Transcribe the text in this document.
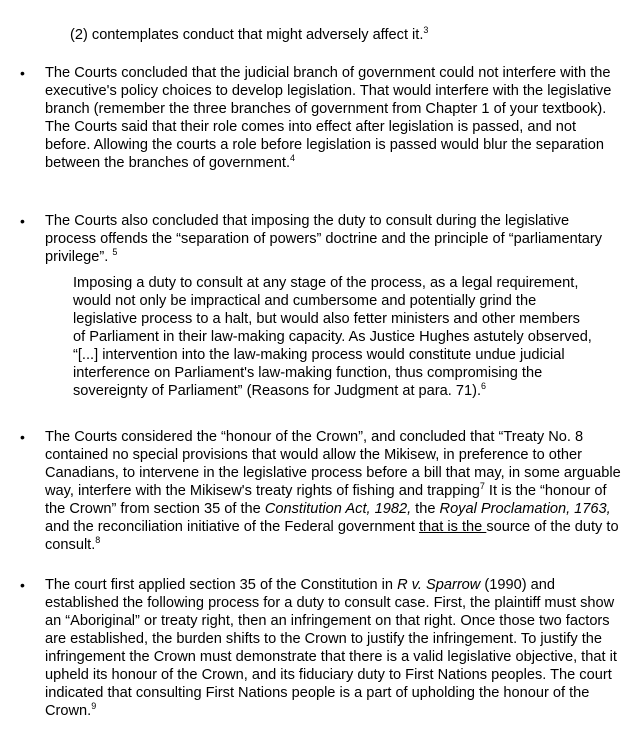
(2) contemplates conduct that might adversely affect it.$^3$

• The Courts concluded that the judicial branch of government could not interfere with the executive's policy choices to develop legislation. That would interfere with the legislative branch (remember the three branches of government from Chapter 1 of your textbook). The Courts said that their role comes into effect after legislation is passed, and not before. Allowing the courts a role before legislation is passed would blur the separation between the branches of government.$^4$

• The Courts also concluded that imposing the duty to consult during the legislative process offends the “separation of powers” doctrine and the principle of “parliamentary privilege”. $^5$

Imposing a duty to consult at any stage of the process, as a legal requirement, would not only be impractical and cumbersome and potentially grind the legislative process to a halt, but would also fetter ministers and other members of Parliament in their law-making capacity. As Justice Hughes astutely observed, “[...] intervention into the law-making process would constitute undue judicial interference on Parliament's law-making function, thus compromising the sovereignty of Parliament” (Reasons for Judgment at para. 71).$^6$

• The Courts considered the “honour of the Crown”, and concluded that “Treaty No. 8 contained no special provisions that would allow the Mikisew, in preference to other Canadians, to intervene in the legislative process before a bill that may, in some arguable way, interfere with the Mikisew's treaty rights of fishing and trapping$^7$ It is the “honour of the Crown” from section 35 of the Constitution Act, 1982, the Royal Proclamation, 1763, and the reconciliation initiative of the Federal government that is the source of the duty to consult.$^8$

• The court first applied section 35 of the Constitution in R v. Sparrow (1990) and established the following process for a duty to consult case. First, the plaintiff must show an “Aboriginal” or treaty right, then an infringement on that right. Once those two factors are established, the burden shifts to the Crown to justify the infringement. To justify the infringement the Crown must demonstrate that there is a valid legislative objective, that it upheld its honour of the Crown, and its fiduciary duty to First Nations peoples. The court indicated that consulting First Nations people is a part of upholding the honour of the Crown.$^9$
